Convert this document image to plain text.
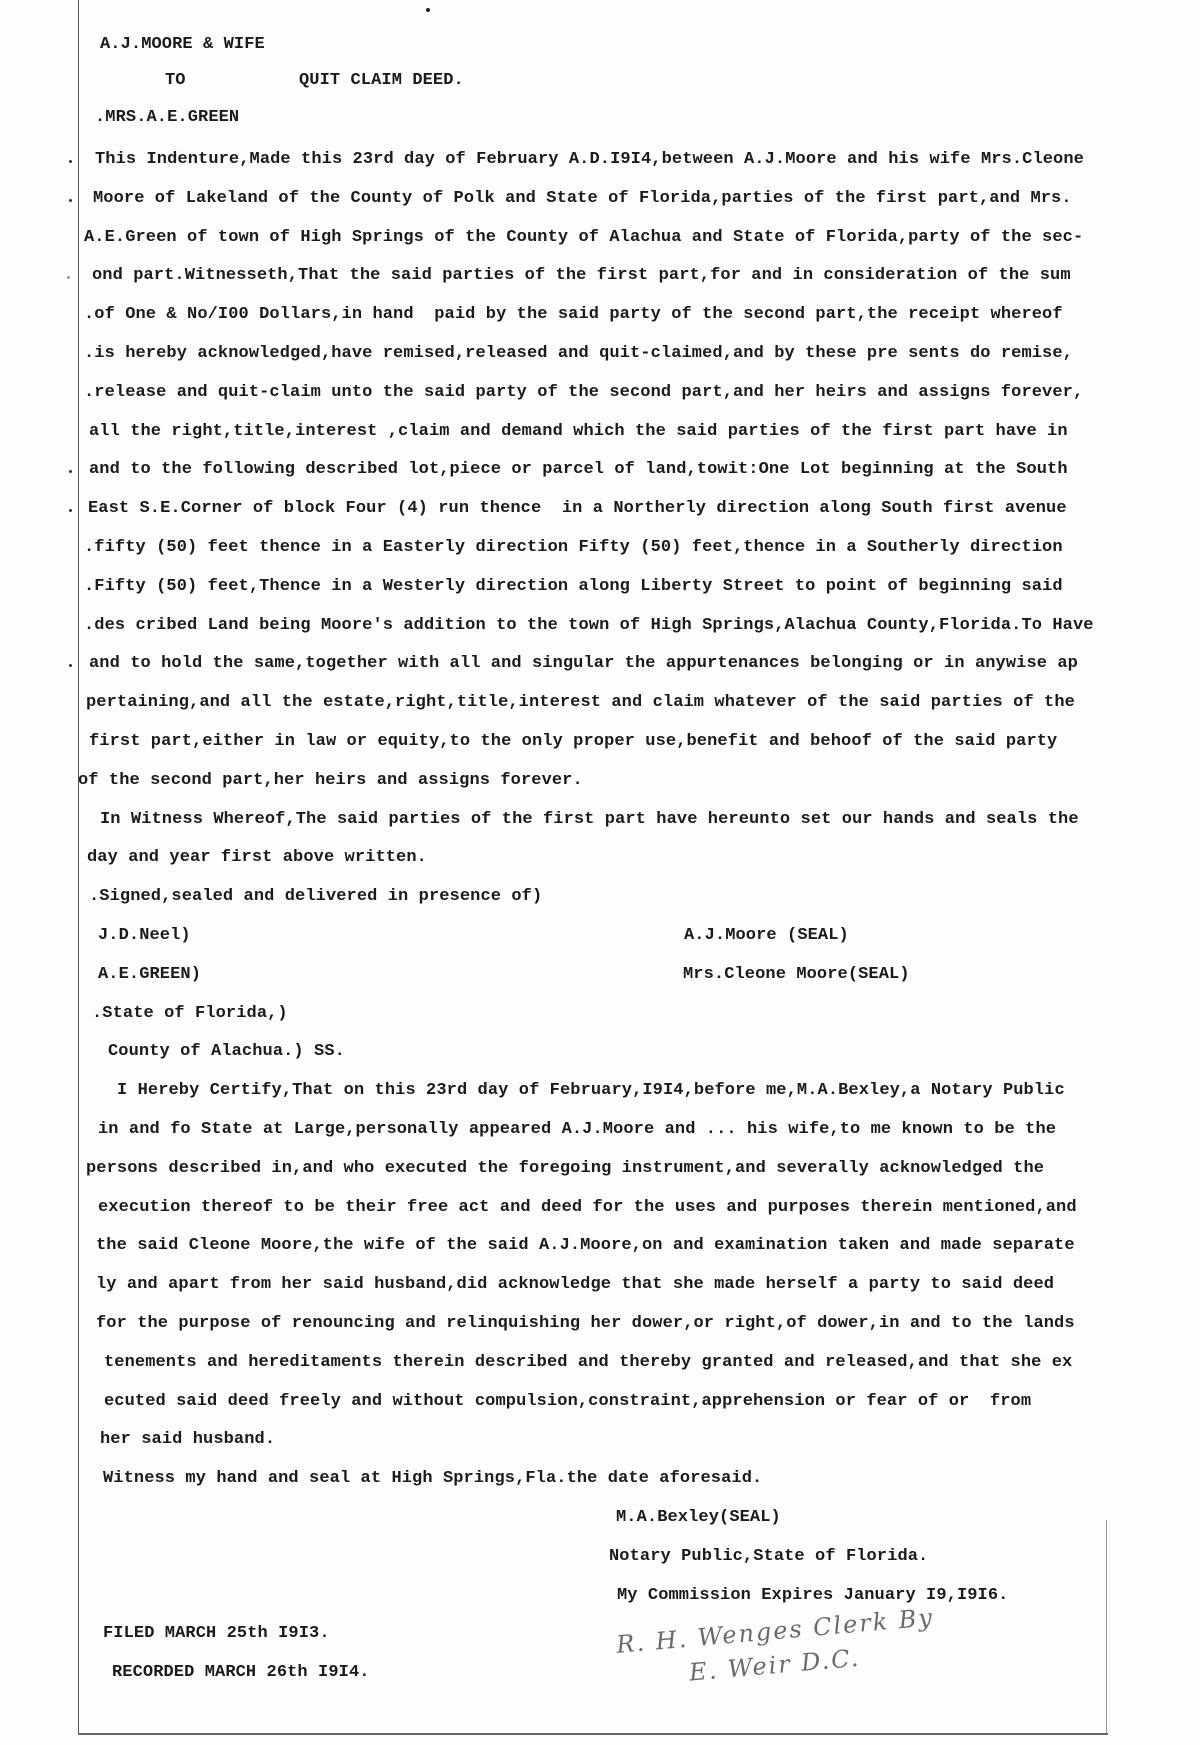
A.J.MOORE & WIFE
TO	QUIT CLAIM DEED.
.MRS.A.E.GREEN
This Indenture,Made this 23rd day of February A.D.I9I4,between A.J.Moore and his wife Mrs.Cleone
Moore of Lakeland of the County of Polk and State of Florida,parties of the first part,and Mrs.
A.E.Green of town of High Springs of the County of Alachua and State of Florida,party of the sec-
ond part.Witnesseth,That the said parties of the first part,for and in consideration of the sum
.of One & No/I00 Dollars,in hand  paid by the said party of the second part,the receipt whereof
.is hereby acknowledged,have remised,released and quit-claimed,and by these pre sents do remise,
.release and quit-claim unto the said party of the second part,and her heirs and assigns forever,
all the right,title,interest ,claim and demand which the said parties of the first part have in
and to the following described lot,piece or parcel of land,towit:One Lot beginning at the South
East S.E.Corner of block Four (4) run thence  in a Northerly direction along South first avenue
.fifty (50) feet thence in a Easterly direction Fifty (50) feet,thence in a Southerly direction
.Fifty (50) feet,Thence in a Westerly direction along Liberty Street to point of beginning said
.des cribed Land being Moore's addition to the town of High Springs,Alachua County,Florida.To Have
and to hold the same,together with all and singular the appurtenances belonging or in anywise ap
pertaining,and all the estate,right,title,interest and claim whatever of the said parties of the
first part,either in law or equity,to the only proper use,benefit and behoof of the said party
of the second part,her heirs and assigns forever.
In Witness Whereof,The said parties of the first part have hereunto set our hands and seals the
day and year first above written.
.Signed,sealed and delivered in presence of)
J.D.Neel)	A.J.Moore (SEAL)
A.E.GREEN)	Mrs.Cleone Moore(SEAL)
.State of Florida,)
County of Alachua.) SS.
I Hereby Certify,That on this 23rd day of February,I9I4,before me,M.A.Bexley,a Notary Public
in and fo State at Large,personally appeared A.J.Moore and ... his wife,to me known to be the
persons described in,and who executed the foregoing instrument,and severally acknowledged the
execution thereof to be their free act and deed for the uses and purposes therein mentioned,and
the said Cleone Moore,the wife of the said A.J.Moore,on and examination taken and made separate
ly and apart from her said husband,did acknowledge that she made herself a party to said deed
for the purpose of renouncing and relinquishing her dower,or right,of dower,in and to the lands
tenements and hereditaments therein described and thereby granted and released,and that she ex
ecuted said deed freely and without compulsion,constraint,apprehension or fear of or  from
her said husband.
Witness my hand and seal at High Springs,Fla.the date aforesaid.
M.A.Bexley(SEAL)
Notary Public,State of Florida.
My Commission Expires January I9,I9I6.
FILED MARCH 25th I9I3.
RECORDED MARCH 26th I9I4.
R. H. Wenges Clerk By E. Weir D.C.
